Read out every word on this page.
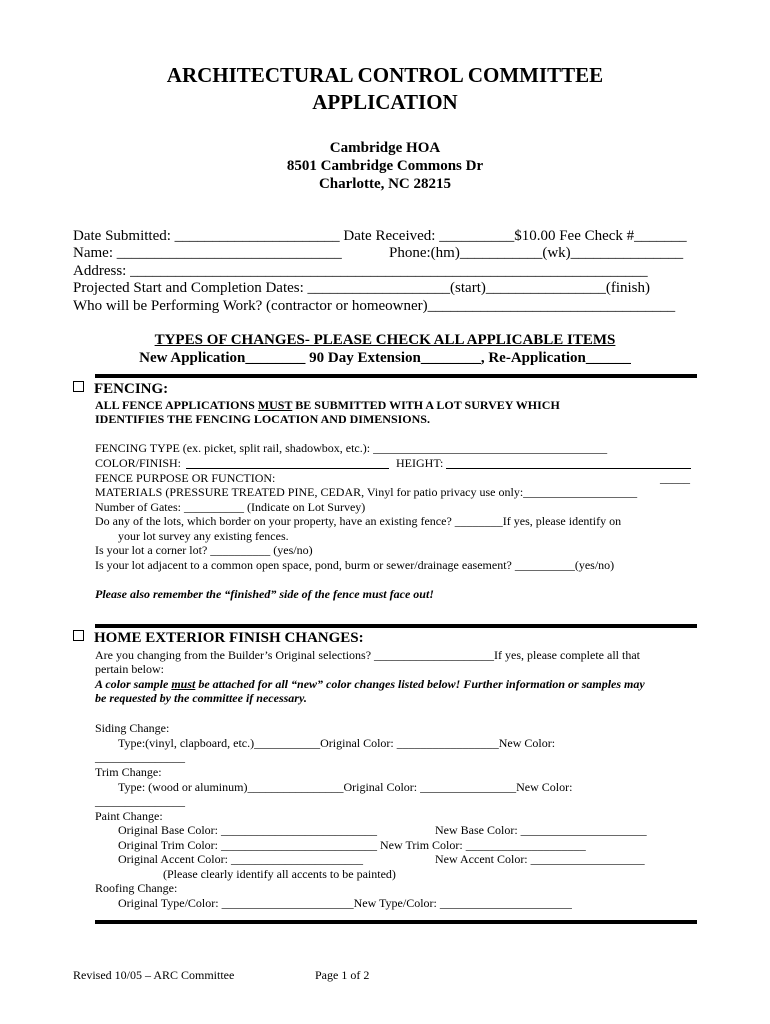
ARCHITECTURAL CONTROL COMMITTEE
APPLICATION
Cambridge HOA
8501 Cambridge Commons Dr
Charlotte, NC 28215
Date Submitted: ______________________ Date Received: __________$10.00 Fee Check #_______
Name: ______________________________	Phone:(hm)___________(wk)_______________
Address: _____________________________________________________________________
Projected Start and Completion Dates: ___________________(start)________________(finish)
Who will be Performing Work? (contractor or homeowner)_________________________________
TYPES OF CHANGES- PLEASE CHECK ALL APPLICABLE ITEMS
New Application________ 90 Day Extension________, Re-Application______
FENCING:
ALL FENCE APPLICATIONS MUST BE SUBMITTED WITH A LOT SURVEY WHICH
IDENTIFIES THE FENCING LOCATION AND DIMENSIONS.
FENCING TYPE (ex. picket, split rail, shadowbox, etc.): _______________________________________
COLOR/FINISH:	HEIGHT:
FENCE PURPOSE OR FUNCTION:	_____
MATERIALS (PRESSURE TREATED PINE, CEDAR, Vinyl for patio privacy use only:___________________
Number of Gates: __________ (Indicate on Lot Survey)
Do any of the lots, which border on your property, have an existing fence? ________If yes, please identify on
your lot survey any existing fences.
Is your lot a corner lot? __________ (yes/no)
Is your lot adjacent to a common open space, pond, burm or sewer/drainage easement? __________(yes/no)
Please also remember the “finished” side of the fence must face out!
HOME EXTERIOR FINISH CHANGES:
Are you changing from the Builder’s Original selections? ____________________If yes, please complete all that
pertain below:
A color sample must be attached for all “new” color changes listed below! Further information or samples may
be requested by the committee if necessary.
Siding Change:
Type:(vinyl, clapboard, etc.)___________Original Color: _________________New Color:
_______________
Trim Change:
Type: (wood or aluminum)________________Original Color: ________________New Color:
_______________
Paint Change:
Original Base Color: __________________________	New Base Color: _____________________
Original Trim Color: __________________________ New Trim Color: ____________________
Original Accent Color: ______________________	New Accent Color: ___________________
(Please clearly identify all accents to be painted)
Roofing Change:
Original Type/Color: ______________________New Type/Color: ______________________
Revised 10/05 – ARC Committee	Page 1 of 2
